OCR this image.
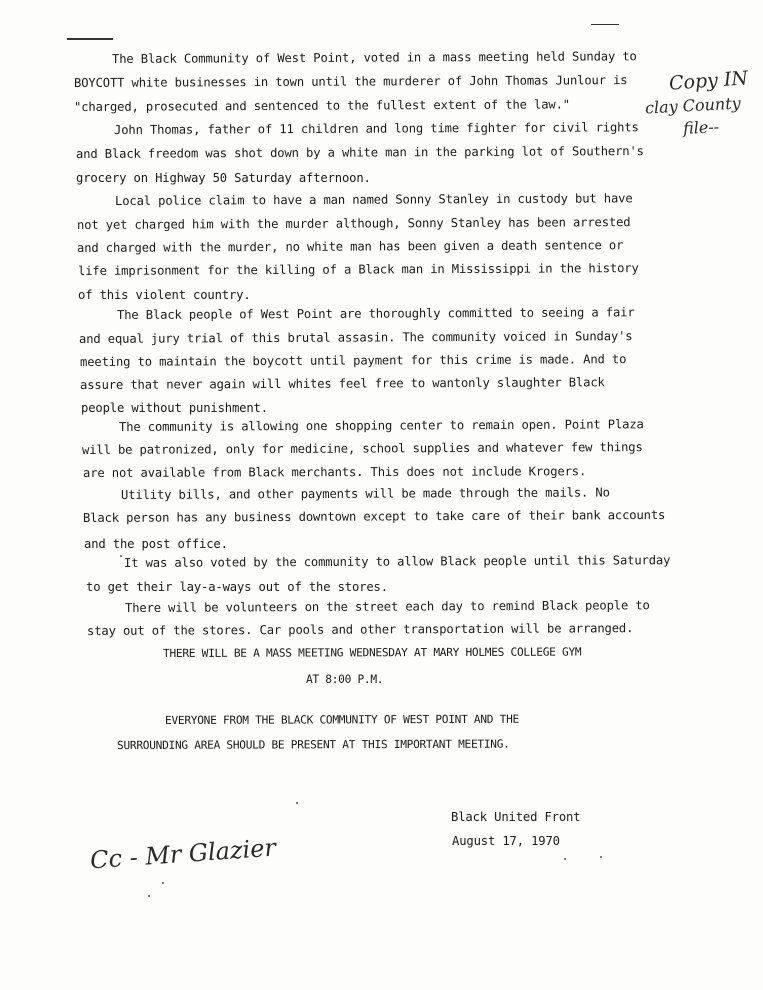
The Black Community of West Point, voted in a mass meeting held Sunday to
BOYCOTT white businesses in town until the murderer of John Thomas Junlour is
"charged, prosecuted and sentenced to the fullest extent of the law."
John Thomas, father of 11 children and long time fighter for civil rights
and Black freedom was shot down by a white man in the parking lot of Southern's
grocery on Highway 50 Saturday afternoon.
Local police claim to have a man named Sonny Stanley in custody but have
not yet charged him with the murder although, Sonny Stanley has been arrested
and charged with the murder, no white man has been given a death sentence or
life imprisonment for the killing of a Black man in Mississippi in the history
of this violent country.
The Black people of West Point are thoroughly committed to seeing a fair
and equal jury trial of this brutal assasin. The community voiced in Sunday's
meeting to maintain the boycott until payment for this crime is made. And to
assure that never again will whites feel free to wantonly slaughter Black
people without punishment.
The community is allowing one shopping center to remain open. Point Plaza
will be patronized, only for medicine, school supplies and whatever few things
are not available from Black merchants. This does not include Krogers.
Utility bills, and other payments will be made through the mails. No
Black person has any business downtown except to take care of their bank accounts
and the post office.
It was also voted by the community to allow Black people until this Saturday
to get their lay-a-ways out of the stores.
There will be volunteers on the street each day to remind Black people to
stay out of the stores. Car pools and other transportation will be arranged.
THERE WILL BE A MASS MEETING WEDNESDAY AT MARY HOLMES COLLEGE GYM
AT 8:00 P.M.
EVERYONE FROM THE BLACK COMMUNITY OF WEST POINT AND THE
SURROUNDING AREA SHOULD BE PRESENT AT THIS IMPORTANT MEETING.
Black United Front
August 17, 1970
Copy IN
clay County
file--
Cc - Mr Glazier
